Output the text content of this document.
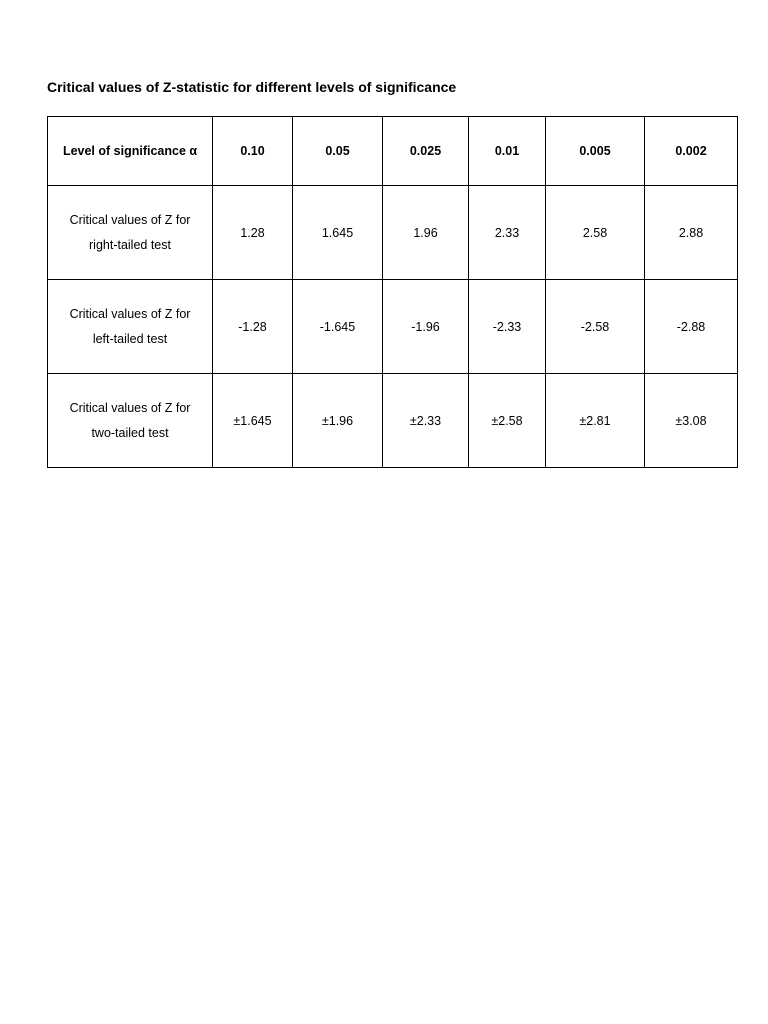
Critical values of Z-statistic for different levels of significance
Level of significance α	0.10	0.05	0.025	0.01	0.005	0.002

Critical values of Z for
right-tailed test	1.28	1.645	1.96	2.33	2.58	2.88

Critical values of Z for
left-tailed test	-1.28	-1.645	-1.96	-2.33	-2.58	-2.88

Critical values of Z for
two-tailed test	±1.645	±1.96	±2.33	±2.58	±2.81	±3.08
